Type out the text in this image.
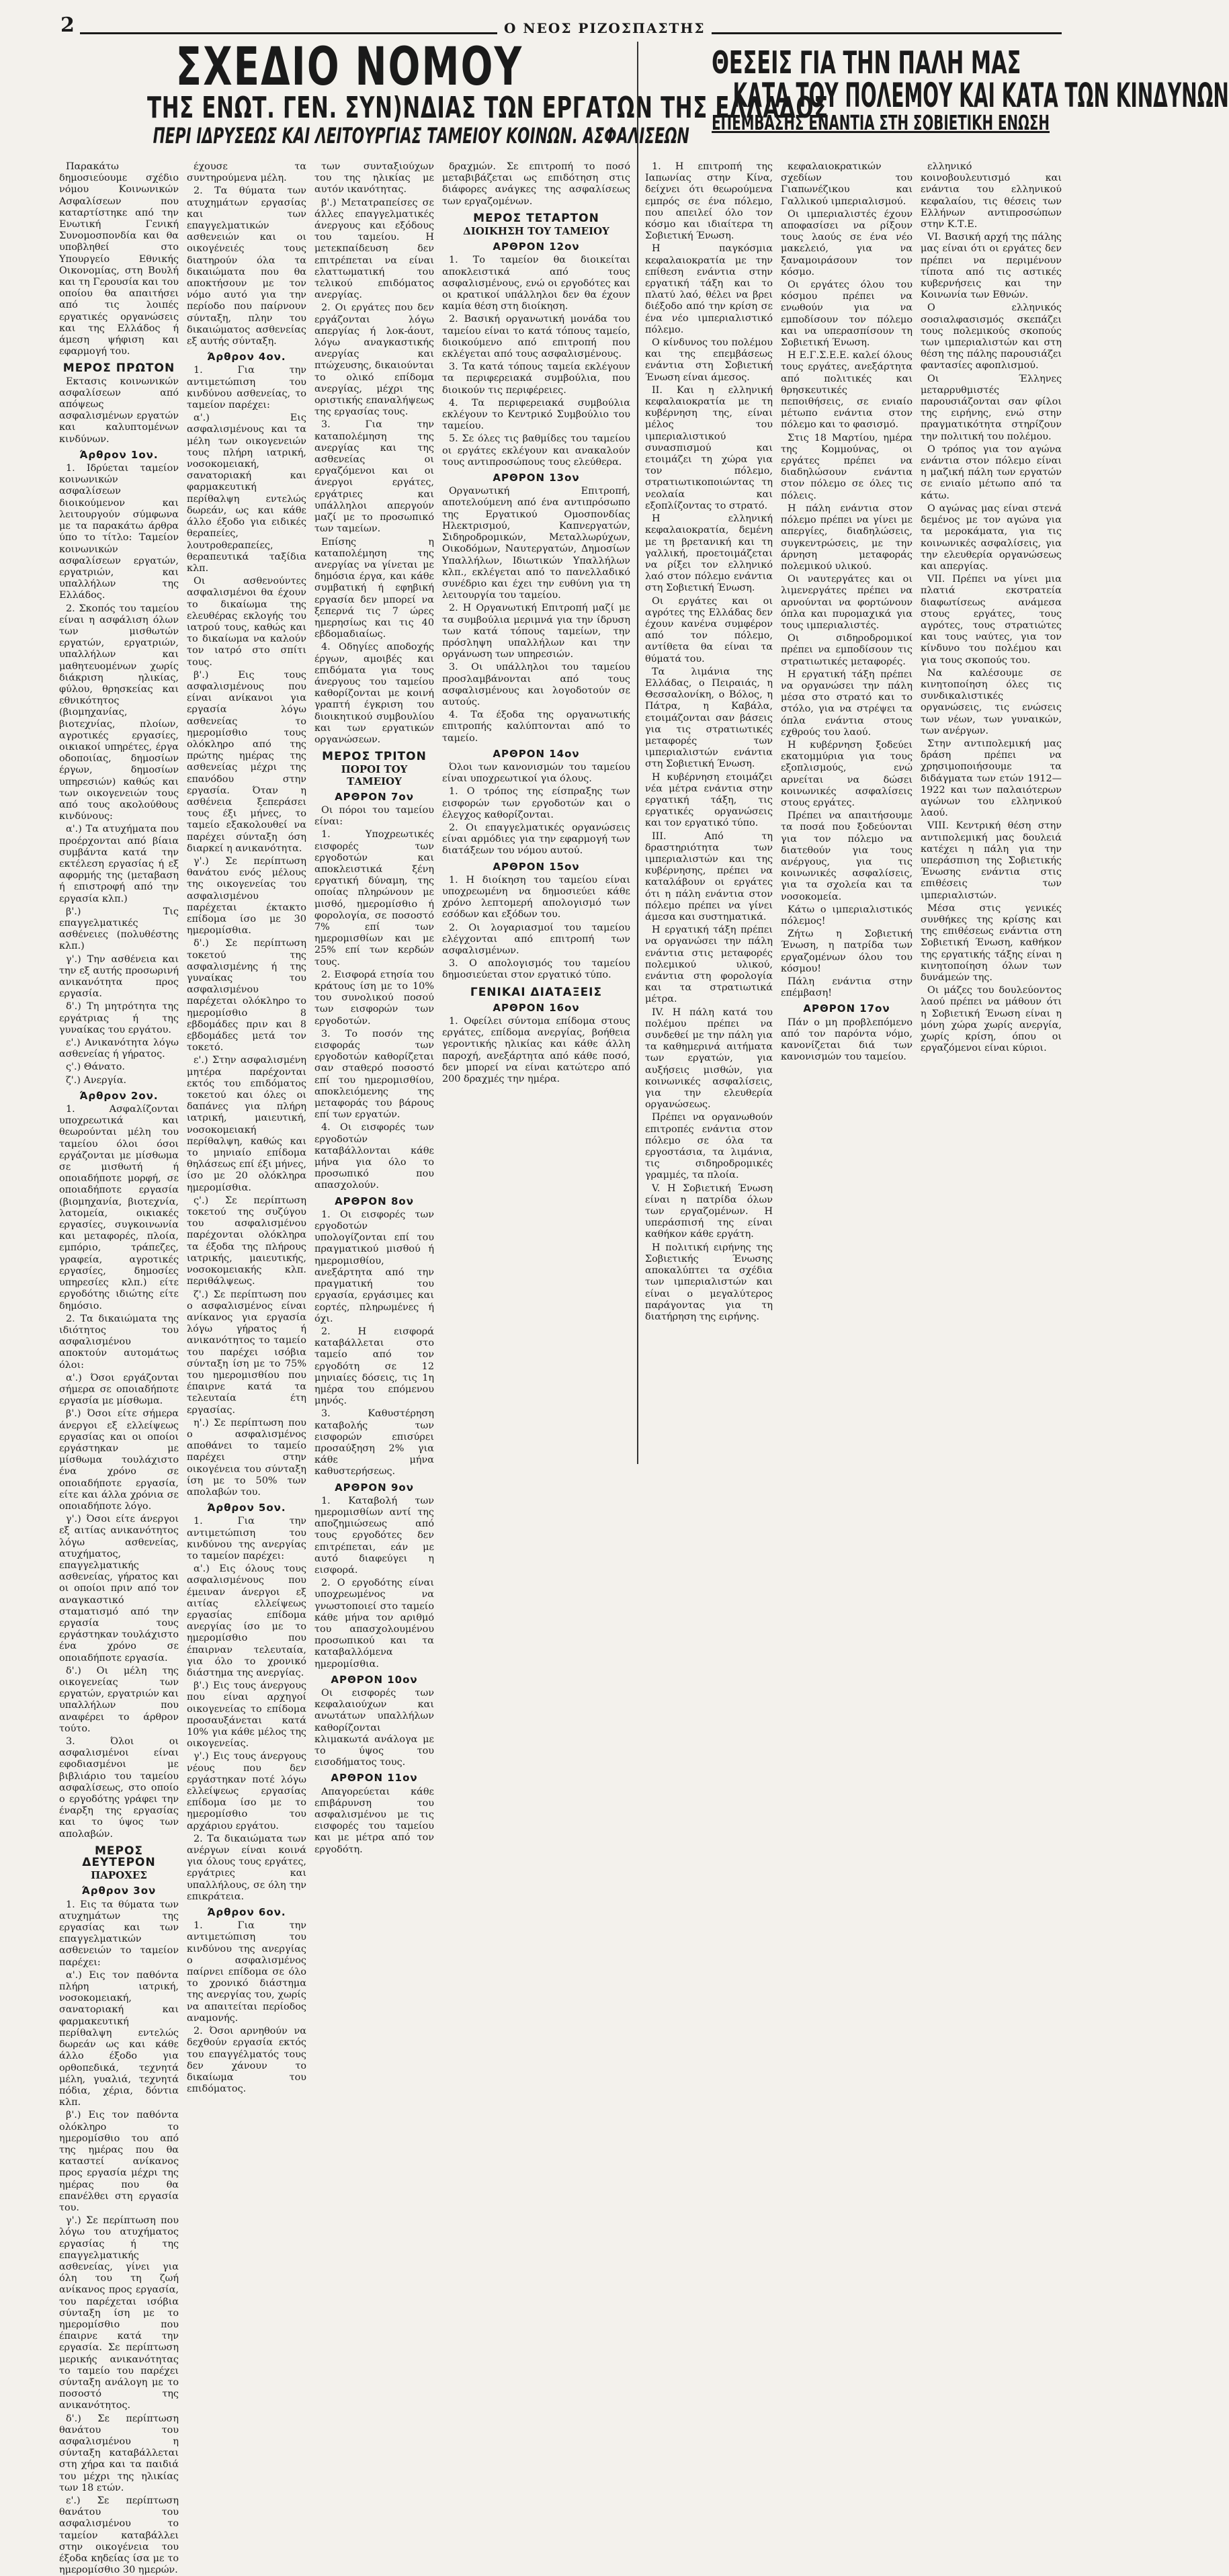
2	Ο ΝΕΟΣ ΡΙΖΟΣΠΑΣΤΗΣ
ΣΧΕΔΙΟ ΝΟΜΟΥ
ΤΗΣ ΕΝΩΤ. ΓΕΝ. ΣΥΝ)ΝΔΙΑΣ ΤΩΝ ΕΡΓΑΤΩΝ ΤΗΣ ΕΛΛΑΔΟΣ
ΠΕΡΙ ΙΔΡΥΣΕΩΣ ΚΑΙ ΛΕΙΤΟΥΡΓΙΑΣ ΤΑΜΕΙΟΥ ΚΟΙΝΩΝ. ΑΣΦΑΛΙΣΕΩΝ
ΘΕΣΕΙΣ ΓΙΑ ΤΗΝ ΠΑΛΗ ΜΑΣ
ΚΑΤΑ ΤΟΥ ΠΟΛΕΜΟΥ ΚΑΙ ΚΑΤΑ ΤΩΝ ΚΙΝΔΥΝΩΝ
ΕΠΕΜΒΑΣΗΣ ΕΝΑΝΤΙΑ ΣΤΗ ΣΟΒΙΕΤΙΚΗ ΕΝΩΣΗ

Παρακάτω δημοσιεύουμε σχέδιο νόμου Κοινωνικών Ασφαλίσεων που καταρτίστηκε από την Ενωτική Γενική Συνομοσπονδία και θα υποβληθεί στο Υπουργείο Εθνικής Οικονομίας, στη Βουλή και τη Γερουσία και του οποίου θα απαιτήσει από τις λοιπές εργατικές οργανώσεις και της Ελλάδος ή άμεση ψήφιση και εφαρμογή του.

ΜΕΡΟΣ ΠΡΩΤΟΝ

Εκτασις κοινωνικών ασφαλίσεων από απόψεως ασφαλισμένων εργατών και καλυπτομένων κινδύνων.

Άρθρον 1ον.

1. Ιδρύεται ταμείον κοινωνικών ασφαλίσεων διοικούμενον και λειτουργούν σύμφωνα με τα παρακάτω άρθρα ύπο το τίτλο: Ταμείον κοινωνικών ασφαλίσεων εργατών, εργατριών, και υπαλλήλων της Ελλάδος.

2. Σκοπός του ταμείου είναι η ασφάλιση όλων των μισθωτών εργατών, εργατριών, υπαλλήλων και μαθητευομένων χωρίς διάκριση ηλικίας, φύλου, θρησκείας και εθνικότητος (βιομηχανίας, βιοτεχνίας, πλοίων, αγροτικές εργασίες, οικιακοί υπηρέτες, έργα οδοποιίας, δημοσίων έργων, δημοσίων υπηρεσιών) καθώς και των οικογενειών τους από τους ακολούθους κινδύνους:

α'.) Τα ατυχήματα που προέρχονται από βίαια συμβάντα κατά την εκτέλεση εργασίας ή εξ αφορμής της (μεταβαση ή επιστροφή από την εργασία κλπ.)

β'.) Τις επαγγελματικές ασθένειες (πολυθέστης κλπ.)

γ'.) Την ασθένεια και την εξ αυτής προσωρινή ανικανότητα προς εργασία.

δ'.) Τη μητρότητα της εργάτριας ή της γυναίκας του εργάτου.

ε'.) Ανικανότητα λόγω ασθενείας ή γήρατος.

ς'.) Θάνατο.

ζ'.) Ανεργία.

Άρθρον 2ον.

1. Ασφαλίζονται υποχρεωτικά και θεωρούνται μέλη του ταμείου όλοι όσοι εργάζονται με μίσθωμα σε μισθωτή ή οποιαδήποτε μορφή, σε οποιαδήποτε εργασία (βιομηχανία, βιοτεχνία, λατομεία, οικιακές εργασίες, συγκοινωνία και μεταφορές, πλοία, εμπόριο, τράπεζες, γραφεία, αγροτικές εργασίες, δημοσίες υπηρεσίες κλπ.) είτε εργοδότης ιδιώτης είτε δημόσιο.

2. Τα δικαιώματα της ιδιότητος του ασφαλισμένου αποκτούν αυτομάτως όλοι:

α'.) Όσοι εργάζονται σήμερα σε οποιαδήποτε εργασία με μίσθωμα.

β'.) Όσοι είτε σήμερα άνεργοι εξ ελλείψεως εργασίας και οι οποίοι εργάστηκαν με μίσθωμα τουλάχιστο ένα χρόνο σε οποιαδήποτε εργασία, είτε και άλλα χρόνια σε οποιαδήποτε λόγο.

γ'.) Όσοι είτε άνεργοι εξ αιτίας ανικανότητος λόγω ασθενείας, ατυχήματος, επαγγελματικής ασθενείας, γήρατος και οι οποίοι πριν από τον αναγκαστικό σταματισμό από την εργασία τους εργάστηκαν τουλάχιστο ένα χρόνο σε οποιαδήποτε εργασία.

δ'.) Οι μέλη της οικογενείας των εργατών, εργατριών και υπαλλήλων που αναφέρει το άρθρον τούτο.

3. Όλοι οι ασφαλισμένοι είναι εφοδιασμένοι με βιβλιάριο του ταμείου ασφαλίσεως, στο οποίο ο εργοδότης γράφει την έναρξη της εργασίας και το ύψος των απολαβών.

ΜΕΡΟΣ ΔΕΥΤΕΡΟΝ
ΠΑΡΟΧΕΣ
Άρθρον 3ον

1. Εις τα θύματα των ατυχημάτων της εργασίας και των επαγγελματικών ασθενειών το ταμείον παρέχει:

α'.) Εις τον παθόντα πλήρη ιατρική, νοσοκομειακή, σανατοριακή και φαρμακευτική περίθαλψη εντελώς δωρεάν ως και κάθε άλλο έξοδο για ορθοπεδικά, τεχνητά μέλη, γυαλιά, τεχνητά πόδια, χέρια, δόντια κλπ.

β'.) Εις τον παθόντα ολόκληρο το ημερομίσθιο του από της ημέρας που θα καταστεί ανίκανος προς εργασία μέχρι της ημέρας που θα επανέλθει στη εργασία του.

γ'.) Σε περίπτωση που λόγω του ατυχήματος εργασίας ή της επαγγελματικής ασθενείας, γίνει για όλη του τη ζωή ανίκανος προς εργασία, του παρέχεται ισόβια σύνταξη ίση με το ημερομίσθιο που έπαιρνε κατά την εργασία. Σε περίπτωση μερικής ανικανότητας το ταμείο του παρέχει σύνταξη ανάλογη με το ποσοστό της ανικανότητος.

δ'.) Σε περίπτωση θανάτου του ασφαλισμένου η σύνταξη καταβάλλεται στη χήρα και τα παιδιά του μέχρι της ηλικίας των 18 ετών.

ε'.) Σε περίπτωση θανάτου του ασφαλισμένου το ταμείον καταβάλλει στην οικογένεια του έξοδα κηδείας ίσα με το ημερομίσθιο 30 ημερών.

έχουσε τα συντηρούμενα μέλη.

2. Τα θύματα των ατυχημάτων εργασίας και των επαγγελματικών ασθενειών και οι οικογένειές τους διατηρούν όλα τα δικαιώματα που θα αποκτήσουν με τον νόμο αυτό για την περίοδο που παίρνουν σύνταξη, πλην του δικαιώματος ασθενείας εξ αυτής σύνταξη.

Άρθρον 4ον.

1. Για την αντιμετώπιση του κινδύνου ασθενείας, το ταμείον παρέχει:

α'.) Εις ασφαλισμένους και τα μέλη των οικογενειών τους πλήρη ιατρική, νοσοκομειακή, σανατοριακή και φαρμακευτική περίθαλψη εντελώς δωρεάν, ως και κάθε άλλο έξοδο για ειδικές θεραπείες, λουτροθεραπείες, θεραπευτικά ταξίδια κλπ.

Οι ασθενούντες ασφαλισμένοι θα έχουν το δικαίωμα της ελευθέρας εκλογής του ιατρού τους, καθώς και το δικαίωμα να καλούν τον ιατρό στο σπίτι τους.

β'.) Εις τους ασφαλισμένους που είναι ανίκανοι για εργασία λόγω ασθενείας το ημερομίσθιο τους ολόκληρο από της πρώτης ημέρας της ασθενείας μέχρι της επανόδου στην εργασία. Όταν η ασθένεια ξεπεράσει τους έξι μήνες, το ταμείο εξακολουθεί να παρέχει σύνταξη όση διαρκεί η ανικανότητα.

γ'.) Σε περίπτωση θανάτου ενός μέλους της οικογενείας του ασφαλισμένου παρέχεται έκτακτο επίδομα ίσο με 30 ημερομίσθια.

δ'.) Σε περίπτωση τοκετού της ασφαλισμένης ή της γυναίκας του ασφαλισμένου παρέχεται ολόκληρο το ημερομίσθιο 8 εβδομάδες πριν και 8 εβδομάδες μετά τον τοκετό.

ε'.) Στην ασφαλισμένη μητέρα παρέχονται εκτός του επιδόματος τοκετού και όλες οι δαπάνες για πλήρη ιατρική, μαιευτική, νοσοκομειακή περίθαλψη, καθώς και το μηνιαίο επίδομα θηλάσεως επί έξι μήνες, ίσο με 20 ολόκληρα ημερομίσθια.

ς'.) Σε περίπτωση τοκετού της συζύγου του ασφαλισμένου παρέχονται ολόκληρα τα έξοδα της πλήρους ιατρικής, μαιευτικής, νοσοκομειακής κλπ. περιθάλψεως.

ζ'.) Σε περίπτωση που ο ασφαλισμένος είναι ανίκανος για εργασία λόγω γήρατος ή ανικανότητος το ταμείο του παρέχει ισόβια σύνταξη ίση με το 75% του ημερομισθίου που έπαιρνε κατά τα τελευταία έτη εργασίας.

η'.) Σε περίπτωση που ο ασφαλισμένος αποθάνει το ταμείο παρέχει στην οικογένεια του σύνταξη ίση με το 50% των απολαβών του.

Άρθρον 5ον.

1. Για την αντιμετώπιση του κινδύνου της ανεργίας το ταμείον παρέχει:

α'.) Εις όλους τους ασφαλισμένους που έμειναν άνεργοι εξ αιτίας ελλείψεως εργασίας επίδομα ανεργίας ίσο με το ημερομίσθιο που έπαιρναν τελευταία, για όλο το χρονικό διάστημα της ανεργίας.

β'.) Εις τους άνεργους που είναι αρχηγοί οικογενείας το επίδομα προσαυξάνεται κατά 10% για κάθε μέλος της οικογενείας.

γ'.) Εις τους άνεργους νέους που δεν εργάστηκαν ποτέ λόγω ελλείψεως εργασίας επίδομα ίσο με το ημερομίσθιο του αρχάριου εργάτου.

2. Τα δικαιώματα των ανέργων είναι κοινά για όλους τους εργάτες, εργάτριες και υπαλλήλους, σε όλη την επικράτεια.

Άρθρον 6ον.

1. Για την αντιμετώπιση του κινδύνου της ανεργίας ο ασφαλισμένος παίρνει επίδομα σε όλο το χρονικό διάστημα της ανεργίας του, χωρίς να απαιτείται περίοδος αναμονής.

2. Όσοι αρνηθούν να δεχθούν εργασία εκτός του επαγγέλματός τους δεν χάνουν το δικαίωμα του επιδόματος.

των συνταξιούχων του της ηλικίας με αυτόν ικανότητας.

β'.) Μετατραπείσες σε άλλες επαγγελματικές άνεργους και εξόδους του ταμείου. Η μετεκπαίδευση δεν επιτρέπεται να είναι ελαττωματική του τελικού επιδόματος ανεργίας.

2. Οι εργάτες που δεν εργάζονται λόγω απεργίας ή λοκ-άουτ, λόγω αναγκαστικής ανεργίας και πτώχευσης, δικαιούνται το ολικό επίδομα ανεργίας, μέχρι της οριστικής επαναλήψεως της εργασίας τους.

3. Για την καταπολέμηση της ανεργίας και της ασθενείας οι εργαζόμενοι και οι άνεργοι εργάτες, εργάτριες και υπάλληλοι απεργούν μαζί με το προσωπικό των ταμείων.

Επίσης η καταπολέμηση της ανεργίας να γίνεται με δημόσια έργα, και κάθε συμβατική ή εφηβική εργασία δεν μπορεί να ξεπερνά τις 7 ώρες ημερησίως και τις 40 εβδομαδιαίως.

4. Οδηγίες αποδοχής έργων, αμοιβές και επιδόματα για τους άνεργους του ταμείου καθορίζονται με κοινή γραπτή έγκριση του διοικητικού συμβουλίου και των εργατικών οργανώσεων.

ΜΕΡΟΣ ΤΡΙΤΟΝ
ΠΟΡΟΙ ΤΟΥ ΤΑΜΕΙΟΥ
ΑΡΘΡΟΝ 7ον

Οι πόροι του ταμείου είναι:

1. Υποχρεωτικές εισφορές των εργοδοτών και αποκλειστικά ξένη εργατική δύναμη, της οποίας πληρώνουν με μισθό, ημερομίσθιο ή φορολογία, σε ποσοστό 7% επί των ημερομισθίων και με 25% επί των κερδών τους.

2. Εισφορά ετησία του κράτους ίση με το 10% του συνολικού ποσού των εισφορών των εργοδοτών.

3. Το ποσόν της εισφοράς των εργοδοτών καθορίζεται σαν σταθερό ποσοστό επί του ημερομισθίου, αποκλειόμενης της μεταφοράς του βάρους επί των εργατών.

4. Οι εισφορές των εργοδοτών καταβάλλονται κάθε μήνα για όλο το προσωπικό που απασχολούν.

ΑΡΘΡΟΝ 8ον

1. Οι εισφορές των εργοδοτών υπολογίζονται επί του πραγματικού μισθού ή ημερομισθίου, ανεξάρτητα από την πραγματική του εργασία, εργάσιμες και εορτές, πληρωμένες ή όχι.

2. Η εισφορά καταβάλλεται στο ταμείο από τον εργοδότη σε 12 μηνιαίες δόσεις, τις 1η ημέρα του επόμενου μηνός.

3. Καθυστέρηση καταβολής των εισφορών επισύρει προσαύξηση 2% για κάθε μήνα καθυστερήσεως.

ΑΡΘΡΟΝ 9ον

1. Καταβολή των ημερομισθίων αντί της αποζημιώσεως από τους εργοδότες δεν επιτρέπεται, εάν με αυτό διαφεύγει η εισφορά.

2. Ο εργοδότης είναι υποχρεωμένος να γνωστοποιεί στο ταμείο κάθε μήνα τον αριθμό του απασχολουμένου προσωπικού και τα καταβαλλόμενα ημερομίσθια.

ΑΡΘΡΟΝ 10ον

Οι εισφορές των κεφαλαιούχων και ανωτάτων υπαλλήλων καθορίζονται κλιμακωτά ανάλογα με το ύψος του εισοδήματος τους.

ΑΡΘΡΟΝ 11ον

Απαγορεύεται κάθε επιβάρυνση του ασφαλισμένου με τις εισφορές του ταμείου και με μέτρα από τον εργοδότη.

δραχμών. Σε επιτροπή το ποσό μεταβιβάζεται ως επιδότηση στις διάφορες ανάγκες της ασφαλίσεως των εργαζομένων.

ΜΕΡΟΣ ΤΕΤΑΡΤΟΝ
ΔΙΟΙΚΗΣΗ ΤΟΥ ΤΑΜΕΙΟΥ
ΑΡΘΡΟΝ 12ον

1. Το ταμείον θα διοικείται αποκλειστικά από τους ασφαλισμένους, ενώ οι εργοδότες και οι κρατικοί υπάλληλοι δεν θα έχουν καμία θέση στη διοίκηση.

2. Βασική οργανωτική μονάδα του ταμείου είναι το κατά τόπους ταμείο, διοικούμενο από επιτροπή που εκλέγεται από τους ασφαλισμένους.

3. Τα κατά τόπους ταμεία εκλέγουν τα περιφερειακά συμβούλια, που διοικούν τις περιφέρειες.

4. Τα περιφερειακά συμβούλια εκλέγουν το Κεντρικό Συμβούλιο του ταμείου.

5. Σε όλες τις βαθμίδες του ταμείου οι εργάτες εκλέγουν και ανακαλούν τους αντιπροσώπους τους ελεύθερα.

ΑΡΘΡΟΝ 13ον

Οργανωτική Επιτροπή, αποτελούμενη από ένα αντιπρόσωπο της Εργατικού Ομοσπονδίας Ηλεκτρισμού, Καπνεργατών, Σιδηροδρομικών, Μεταλλωρύχων, Οικοδόμων, Ναυτεργατών, Δημοσίων Υπαλλήλων, Ιδιωτικών Υπαλλήλων κλπ., εκλέγεται από το πανελλαδικό συνέδριο και έχει την ευθύνη για τη λειτουργία του ταμείου.

2. Η Οργανωτική Επιτροπή μαζί με τα συμβούλια μεριμνά για την ίδρυση των κατά τόπους ταμείων, την πρόσληψη υπαλλήλων και την οργάνωση των υπηρεσιών.

3. Οι υπάλληλοι του ταμείου προσλαμβάνονται από τους ασφαλισμένους και λογοδοτούν σε αυτούς.

4. Τα έξοδα της οργανωτικής επιτροπής καλύπτονται από το ταμείο.

ΑΡΘΡΟΝ 14ον

Όλοι των κανονισμών του ταμείου είναι υποχρεωτικοί για όλους.

1. Ο τρόπος της είσπραξης των εισφορών των εργοδοτών και ο έλεγχος καθορίζονται.

2. Οι επαγγελματικές οργανώσεις είναι αρμόδιες για την εφαρμογή των διατάξεων του νόμου αυτού.

ΑΡΘΡΟΝ 15ον

1. Η διοίκηση του ταμείου είναι υποχρεωμένη να δημοσιεύει κάθε χρόνο λεπτομερή απολογισμό των εσόδων και εξόδων του.

2. Οι λογαριασμοί του ταμείου ελέγχονται από επιτροπή των ασφαλισμένων.

3. Ο απολογισμός του ταμείου δημοσιεύεται στον εργατικό τύπο.

ΓΕΝΙΚΑΙ ΔΙΑΤΑΞΕΙΣ
ΑΡΘΡΟΝ 16ον

1. Οφείλει σύντομα επίδομα στους εργάτες, επίδομα ανεργίας, βοήθεια γεροντικής ηλικίας και κάθε άλλη παροχή, ανεξάρτητα από κάθε ποσό, δεν μπορεί να είναι κατώτερο από 200 δραχμές την ημέρα.

1. Η επιτροπή της Ιαπωνίας στην Κίνα, δείχνει ότι θεωρούμενα εμπρός σε ένα πόλεμο, που απειλεί όλο τον κόσμο και ιδιαίτερα τη Σοβιετική Ένωση.

Η παγκόσμια κεφαλαιοκρατία με την επίθεση ενάντια στην εργατική τάξη και το πλατύ λαό, θέλει να βρει διέξοδο από την κρίση σε ένα νέο ιμπεριαλιστικό πόλεμο.

Ο κίνδυνος του πολέμου και της επεμβάσεως ενάντια στη Σοβιετική Ένωση είναι άμεσος.

ΙΙ. Και η ελληνική κεφαλαιοκρατία με τη κυβέρνηση της, είναι μέλος του ιμπεριαλιστικού συνασπισμού και ετοιμάζει τη χώρα για τον πόλεμο, στρατιωτικοποιώντας τη νεολαία και εξοπλίζοντας το στρατό.

Η ελληνική κεφαλαιοκρατία, δεμένη με τη βρετανική και τη γαλλική, προετοιμάζεται να ρίξει τον ελληνικό λαό στον πόλεμο ενάντια στη Σοβιετική Ένωση.

Οι εργάτες και οι αγρότες της Ελλάδας δεν έχουν κανένα συμφέρον από τον πόλεμο, αντίθετα θα είναι τα θύματά του.

Τα λιμάνια της Ελλάδας, ο Πειραιάς, η Θεσσαλονίκη, ο Βόλος, η Πάτρα, η Καβάλα, ετοιμάζονται σαν βάσεις για τις στρατιωτικές μεταφορές των ιμπεριαλιστών ενάντια στη Σοβιετική Ένωση.

Η κυβέρνηση ετοιμάζει νέα μέτρα ενάντια στην εργατική τάξη, τις εργατικές οργανώσεις και τον εργατικό τύπο.

ΙΙΙ. Από τη δραστηριότητα των ιμπεριαλιστών και της κυβέρνησης, πρέπει να καταλάβουν οι εργάτες ότι η πάλη ενάντια στον πόλεμο πρέπει να γίνει άμεσα και συστηματικά.

Η εργατική τάξη πρέπει να οργανώσει την πάλη ενάντια στις μεταφορές πολεμικού υλικού, ενάντια στη φορολογία και τα στρατιωτικά μέτρα.

ΙV. Η πάλη κατά του πολέμου πρέπει να συνδεθεί με την πάλη για τα καθημερινά αιτήματα των εργατών, για αυξήσεις μισθών, για κοινωνικές ασφαλίσεις, για την ελευθερία οργανώσεως.

Πρέπει να οργανωθούν επιτροπές ενάντια στον πόλεμο σε όλα τα εργοστάσια, τα λιμάνια, τις σιδηροδρομικές γραμμές, τα πλοία.

V. Η Σοβιετική Ένωση είναι η πατρίδα όλων των εργαζομένων. Η υπεράσπισή της είναι καθήκον κάθε εργάτη.

Η πολιτική ειρήνης της Σοβιετικής Ένωσης αποκαλύπτει τα σχέδια των ιμπεριαλιστών και είναι ο μεγαλύτερος παράγοντας για τη διατήρηση της ειρήνης.

κεφαλαιοκρατικών σχεδίων του Γιαπωνέζικου και Γαλλικού ιμπεριαλισμού.

Οι ιμπεριαλιστές έχουν αποφασίσει να ρίξουν τους λαούς σε ένα νέο μακελειό, για να ξαναμοιράσουν τον κόσμο.

Οι εργάτες όλου του κόσμου πρέπει να ενωθούν για να εμποδίσουν τον πόλεμο και να υπερασπίσουν τη Σοβιετική Ένωση.

Η Ε.Γ.Σ.Ε.Ε. καλεί όλους τους εργάτες, ανεξάρτητα από πολιτικές και θρησκευτικές πεποιθήσεις, σε ενιαίο μέτωπο ενάντια στον πόλεμο και το φασισμό.

Στις 18 Μαρτίου, ημέρα της Κομμούνας, οι εργάτες πρέπει να διαδηλώσουν ενάντια στον πόλεμο σε όλες τις πόλεις.

Η πάλη ενάντια στον πόλεμο πρέπει να γίνει με απεργίες, διαδηλώσεις, συγκεντρώσεις, με την άρνηση μεταφοράς πολεμικού υλικού.

Οι ναυτεργάτες και οι λιμενεργάτες πρέπει να αρνούνται να φορτώνουν όπλα και πυρομαχικά για τους ιμπεριαλιστές.

Οι σιδηροδρομικοί πρέπει να εμποδίσουν τις στρατιωτικές μεταφορές.

Η εργατική τάξη πρέπει να οργανώσει την πάλη μέσα στο στρατό και το στόλο, για να στρέψει τα όπλα ενάντια στους εχθρούς του λαού.

Η κυβέρνηση ξοδεύει εκατομμύρια για τους εξοπλισμούς, ενώ αρνείται να δώσει κοινωνικές ασφαλίσεις στους εργάτες.

Πρέπει να απαιτήσουμε τα ποσά που ξοδεύονται για τον πόλεμο να διατεθούν για τους ανέργους, για τις κοινωνικές ασφαλίσεις, για τα σχολεία και τα νοσοκομεία.

Κάτω ο ιμπεριαλιστικός πόλεμος!

Ζήτω η Σοβιετική Ένωση, η πατρίδα των εργαζομένων όλου του κόσμου!

Πάλη ενάντια στην επέμβαση!

ΑΡΘΡΟΝ 17ον

Πάν ο μη προβλεπόμενο από τον παρόντα νόμο, κανονίζεται διά των κανονισμών του ταμείου.

ελληνικό κοινοβουλευτισμό και ενάντια του ελληνικού κεφαλαίου, τις θέσεις των Ελλήνων αντιπροσώπων στην Κ.Τ.Ε.

VI. Βασική αρχή της πάλης μας είναι ότι οι εργάτες δεν πρέπει να περιμένουν τίποτα από τις αστικές κυβερνήσεις και την Κοινωνία των Εθνών.

Ο ελληνικός σοσιαλφασισμός σκεπάζει τους πολεμικούς σκοπούς των ιμπεριαλιστών και στη θέση της πάλης παρουσιάζει φαντασίες αφοπλισμού.

Οι Έλληνες μεταρρυθμιστές παρουσιάζονται σαν φίλοι της ειρήνης, ενώ στην πραγματικότητα στηρίζουν την πολιτική του πολέμου.

Ο τρόπος για τον αγώνα ενάντια στον πόλεμο είναι η μαζική πάλη των εργατών σε ενιαίο μέτωπο από τα κάτω.

Ο αγώνας μας είναι στενά δεμένος με τον αγώνα για τα μεροκάματα, για τις κοινωνικές ασφαλίσεις, για την ελευθερία οργανώσεως και απεργίας.

VII. Πρέπει να γίνει μια πλατιά εκστρατεία διαφωτίσεως ανάμεσα στους εργάτες, τους αγρότες, τους στρατιώτες και τους ναύτες, για τον κίνδυνο του πολέμου και για τους σκοπούς του.

Να καλέσουμε σε κινητοποίηση όλες τις συνδικαλιστικές οργανώσεις, τις ενώσεις των νέων, των γυναικών, των ανέργων.

Στην αντιπολεμική μας δράση πρέπει να χρησιμοποιήσουμε τα διδάγματα των ετών 1912—1922 και των παλαιότερων αγώνων του ελληνικού λαού.

VIII. Κεντρική θέση στην αντιπολεμική μας δουλειά κατέχει η πάλη για την υπεράσπιση της Σοβιετικής Ένωσης ενάντια στις επιθέσεις των ιμπεριαλιστών.

Μέσα στις γενικές συνθήκες της κρίσης και της επιθέσεως ενάντια στη Σοβιετική Ένωση, καθήκον της εργατικής τάξης είναι η κινητοποίηση όλων των δυνάμεών της.

Οι μάζες του δουλεύοντος λαού πρέπει να μάθουν ότι η Σοβιετική Ένωση είναι η μόνη χώρα χωρίς ανεργία, χωρίς κρίση, όπου οι εργαζόμενοι είναι κύριοι.
